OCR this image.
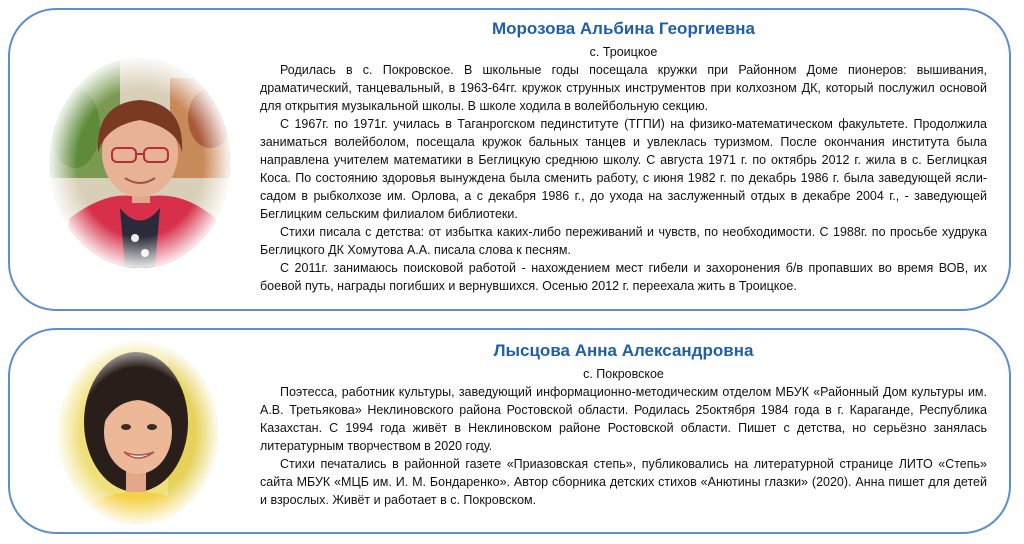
Морозова Альбина Георгиевна
с. Троицкое

Родилась в с. Покровское. В школьные годы посещала кружки при Районном Доме пионеров: вышивания, драматический, танцевальный, в 1963-64гг. кружок струнных инструментов при колхозном ДК, который послужил основой для открытия музыкальной школы. В школе ходила в волейбольную секцию.

С 1967г. по 1971г. училась в Таганрогском пединституте (ТГПИ) на физико-математическом факультете. Продолжила заниматься волейболом, посещала кружок бальных танцев и увлеклась туризмом. После окончания института была направлена учителем математики в Беглицкую среднюю школу. С августа 1971 г. по октябрь 2012 г. жила в с. Беглицкая Коса. По состоянию здоровья вынуждена была сменить работу, с июня 1982 г. по декабрь 1986 г. была заведующей ясли-садом в рыбколхозе им. Орлова, а с декабря 1986 г., до ухода на заслуженный отдых в декабре 2004 г., - заведующей Беглицким сельским филиалом библиотеки.

Стихи писала с детства: от избытка каких-либо переживаний и чувств, по необходимости. С 1988г. по просьбе худрука Беглицкого ДК Хомутова А.А. писала слова к песням.

С 2011г. занимаюсь поисковой работой - нахождением мест гибели и захоронения б/в пропавших во время ВОВ, их боевой путь, награды погибших и вернувшихся. Осенью 2012 г. переехала жить в Троицкое.

Лысцова Анна Александровна
с. Покровское

Поэтесса, работник культуры, заведующий информационно-методическим отделом МБУК «Районный Дом культуры им. А.В. Третьякова» Неклиновского района Ростовской области. Родилась 25октября 1984 года в г. Караганде, Республика Казахстан. С 1994 года живёт в Неклиновском районе Ростовской области. Пишет с детства, но серьёзно занялась литературным творчеством в 2020 году.

Стихи печатались в районной газете «Приазовская степь», публиковались на литературной странице ЛИТО «Степь» сайта МБУК «МЦБ им. И. М. Бондаренко». Автор сборника детских стихов «Анютины глазки» (2020). Анна пишет для детей и взрослых. Живёт и работает в с. Покровском.
